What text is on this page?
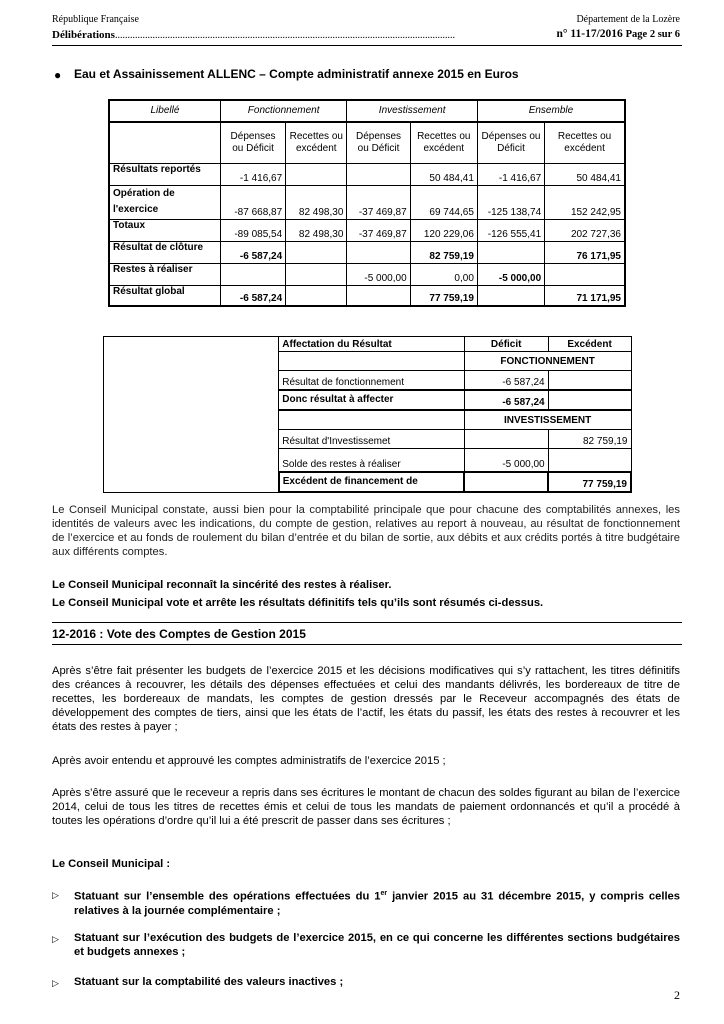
République Française	Département de la Lozère
Délibérations........................................................................................................................................	n° 11-17/2016 Page 2 sur 6
● Eau et Assainissement ALLENC – Compte administratif annexe 2015 en Euros
Libellé	Fonctionnement		Investissement		Ensemble	
	Dépenses ou Déficit	Recettes ou excédent	Dépenses ou Déficit	Recettes ou excédent	Dépenses ou Déficit	Recettes ou excédent
Résultats reportés	-1 416,67			50 484,41	-1 416,67	50 484,41
Opération de l'exercice	-87 668,87	82 498,30	-37 469,87	69 744,65	-125 138,74	152 242,95
Totaux	-89 085,54	82 498,30	-37 469,87	120 229,06	-126 555,41	202 727,36
Résultat de clôture	-6 587,24			82 759,19		76 171,95
Restes à réaliser			-5 000,00	0,00	-5 000,00	
Résultat global	-6 587,24			77 759,19		71 171,95
	Affectation du Résultat	Déficit	Excédent
		FONCTIONNEMENT	
	Résultat de fonctionnement	-6 587,24	
	Donc résultat à affecter	-6 587,24	
		INVESTISSEMENT	
	Résultat d'Investissemet		82 759,19
	Solde des restes à réaliser	-5 000,00	
	Excédent de financement de		77 759,19
Le Conseil Municipal constate, aussi bien pour la comptabilité principale que pour chacune des comptabilités annexes, les identités de valeurs avec les indications, du compte de gestion, relatives au report à nouveau, au résultat de fonctionnement de l’exercice et au fonds de roulement du bilan d’entrée et du bilan de sortie, aux débits et aux crédits portés à titre budgétaire aux différents comptes.
Le Conseil Municipal reconnaît la sincérité des restes à réaliser.
Le Conseil Municipal vote et arrête les résultats définitifs tels qu’ils sont résumés ci-dessus.
12-2016 : Vote des Comptes de Gestion 2015
Après s’être fait présenter les budgets de l’exercice 2015 et les décisions modificatives qui s’y rattachent, les titres définitifs des créances à recouvrer, les détails des dépenses effectuées et celui des mandants délivrés, les bordereaux de titre de recettes, les bordereaux de mandats, les comptes de gestion dressés par le Receveur accompagnés des états de développement des comptes de tiers, ainsi que les états de l’actif, les états du passif, les états des restes à recouvrer et les états des restes à payer ;
Après avoir entendu et approuvé les comptes administratifs de l’exercice 2015 ;
Après s’être assuré que le receveur a repris dans ses écritures le montant de chacun des soldes figurant au bilan de l’exercice 2014, celui de tous les titres de recettes émis et celui de tous les mandats de paiement ordonnancés et qu’il a procédé à toutes les opérations d’ordre qu’il lui a été prescrit de passer dans ses écritures ;
Le Conseil Municipal :
▷ Statuant sur l’ensemble des opérations effectuées du 1er janvier 2015 au 31 décembre 2015, y compris celles relatives à la journée complémentaire ;
▷ Statuant sur l’exécution des budgets de l’exercice 2015, en ce qui concerne les différentes sections budgétaires et budgets annexes ;
▷ Statuant sur la comptabilité des valeurs inactives ;
2
